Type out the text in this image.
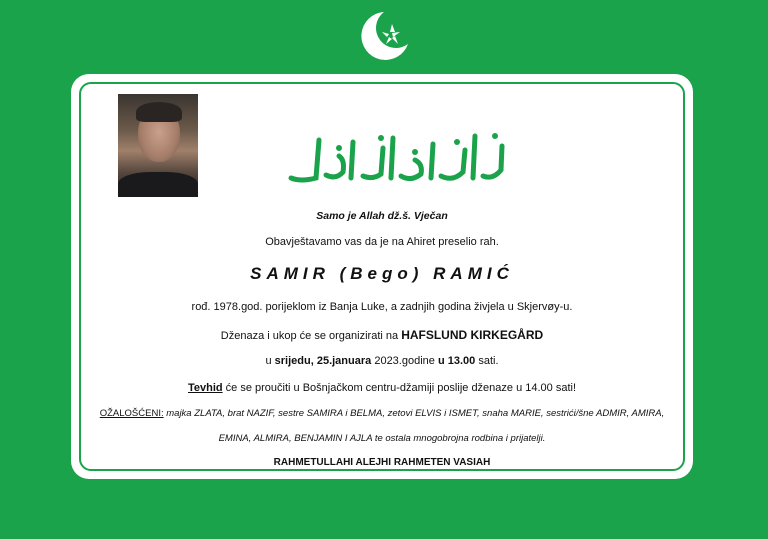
Samo je Allah dž.š. Vječan
Obavještavamo vas da je na Ahiret preselio rah.
SAMIR (Bego) RAMIĆ
rođ. 1978.god. porijeklom iz Banja Luke, a zadnjih godina živjela u Skjervøy-u.
Dženaza i ukop će se organizirati na HAFSLUND KIRKEGÅRD
u srijedu, 25.januara 2023.godine u 13.00 sati.
Tevhid će se proučiti u Bošnjačkom centru-džamiji poslije dženaze u 14.00 sati!
OŽALOŠĆENI: majka ZLATA, brat NAZIF, sestre SAMIRA i BELMA, zetovi ELVIS i ISMET, snaha MARIE, sestrići/šne ADMIR, AMIRA,
EMINA, ALMIRA, BENJAMIN I AJLA te ostala mnogobrojna rodbina i prijatelji.
RAHMETULLAHI ALEJHI RAHMETEN VASIAH
